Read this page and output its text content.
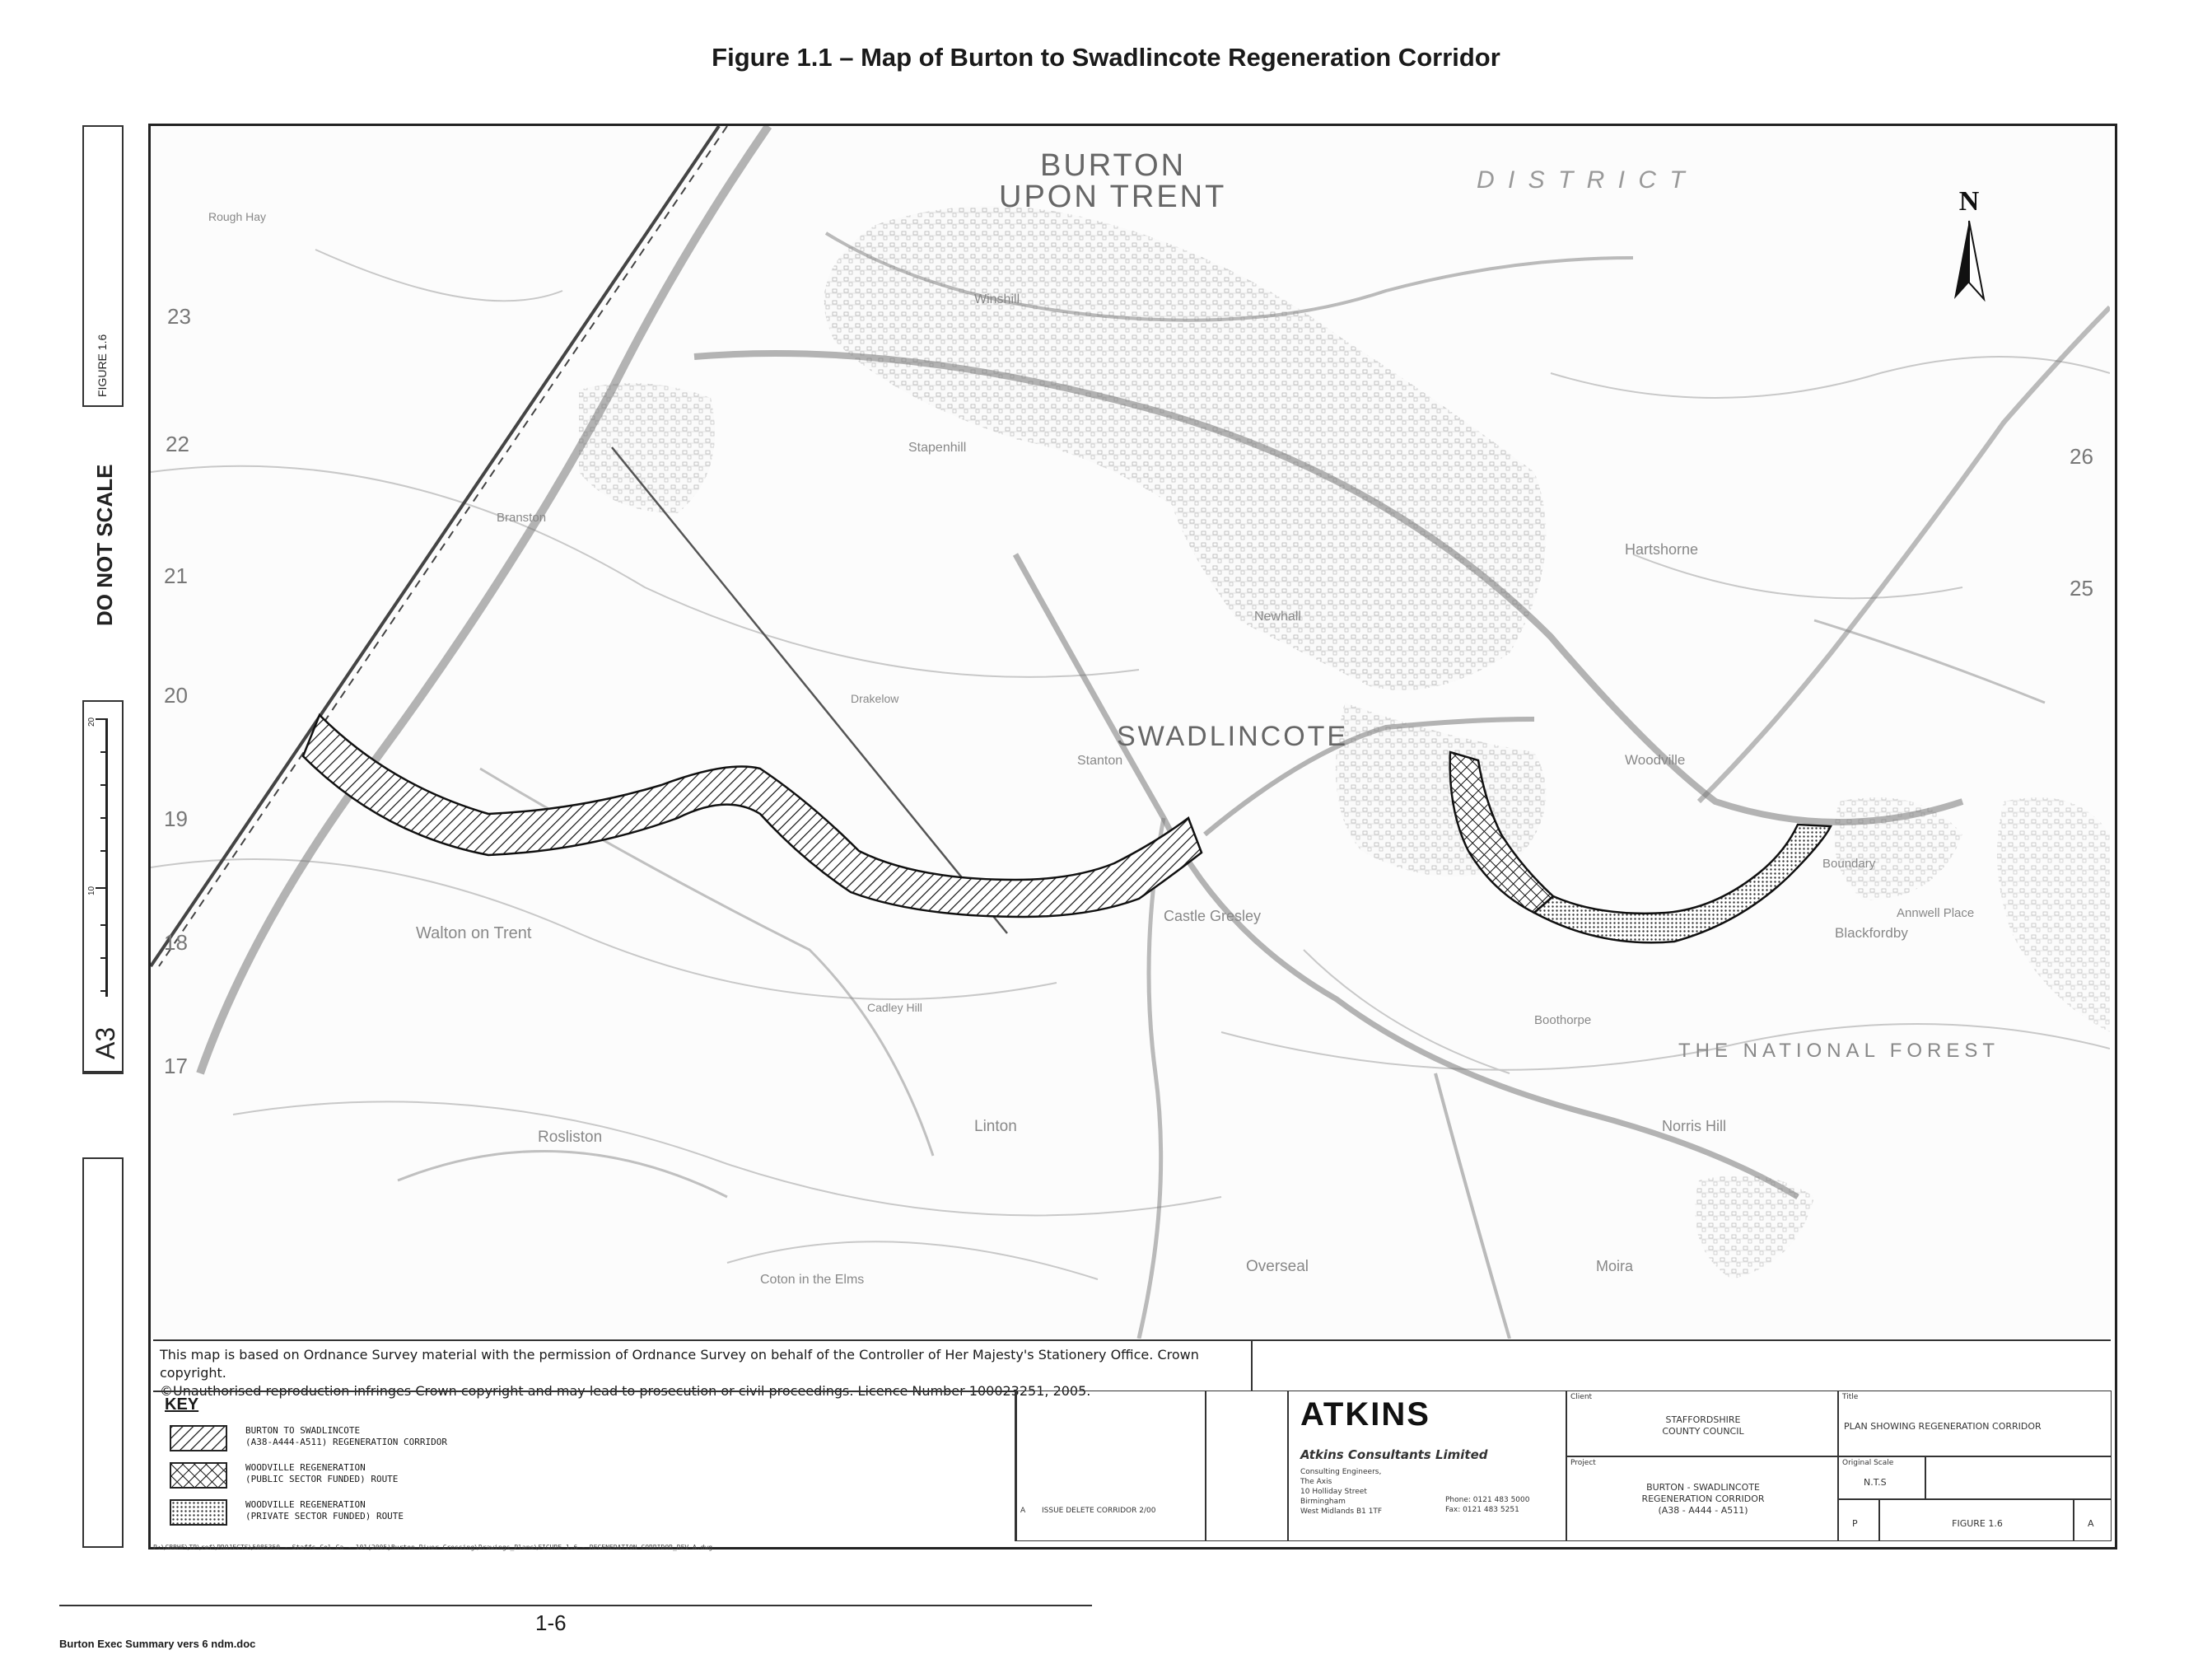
Figure 1.1 – Map of Burton to Swadlincote Regeneration Corridor
23
22
21
20
19
18
17
26
25
BURTON
UPON TRENT
SWADLINCOTE
D I S T R I C T
THE NATIONAL FOREST
Walton on Trent
Rosliston
Linton
Castle Gresley
Overseal
Hartshorne
Woodville
Stanton
Stapenhill
Winshill
Newhall
Norris Hill
Blackfordby
Moira
Boothorpe
Coton in the Elms
Drakelow
Branston
Rough Hay
Cadley Hill
Boundary
Annwell Place
N
FIGURE 1.6
DO NOT SCALE
20
10
A3
This map is based on Ordnance Survey material with the permission of Ordnance Survey on behalf of the Controller of Her Majesty's Stationery Office. Crown copyright.
©Unauthorised reproduction infringes Crown copyright and may lead to prosecution or civil proceedings. Licence Number 100023251, 2005.
KEY
BURTON TO SWADLINCOTE
(A38-A444-A511) REGENERATION CORRIDOR
WOODVILLE REGENERATION
(PUBLIC SECTOR FUNDED) ROUTE
WOODVILLE REGENERATION
(PRIVATE SECTOR FUNDED) ROUTE	A ISSUE DELETE CORRIDOR 2/00
ATKINS
Atkins Consultants Limited
Consulting Engineers,
The Axis
10 Holliday Street
Birmingham
West Midlands B1 1TF
Phone: 0121 483 5000
Fax: 0121 483 5251
Client
STAFFORDSHIRE
COUNTY COUNCIL
Project
BURTON - SWADLINCOTE
REGENERATION CORRIDOR
(A38 - A444 - A511)
Title
PLAN SHOWING REGENERATION CORRIDOR
Original Scale
N.T.S
P	FIGURE 1.6	A
P:\GBBHF\TP\ref\PROJECTS\5085350 - Staffs Col Ca - 101(2005)Burton River Crossing\Drawings_Plans\FIGURE 1.6 - REGENERATION CORRIDOR_REV A.dwg
1-6
Burton Exec Summary vers 6 ndm.doc
